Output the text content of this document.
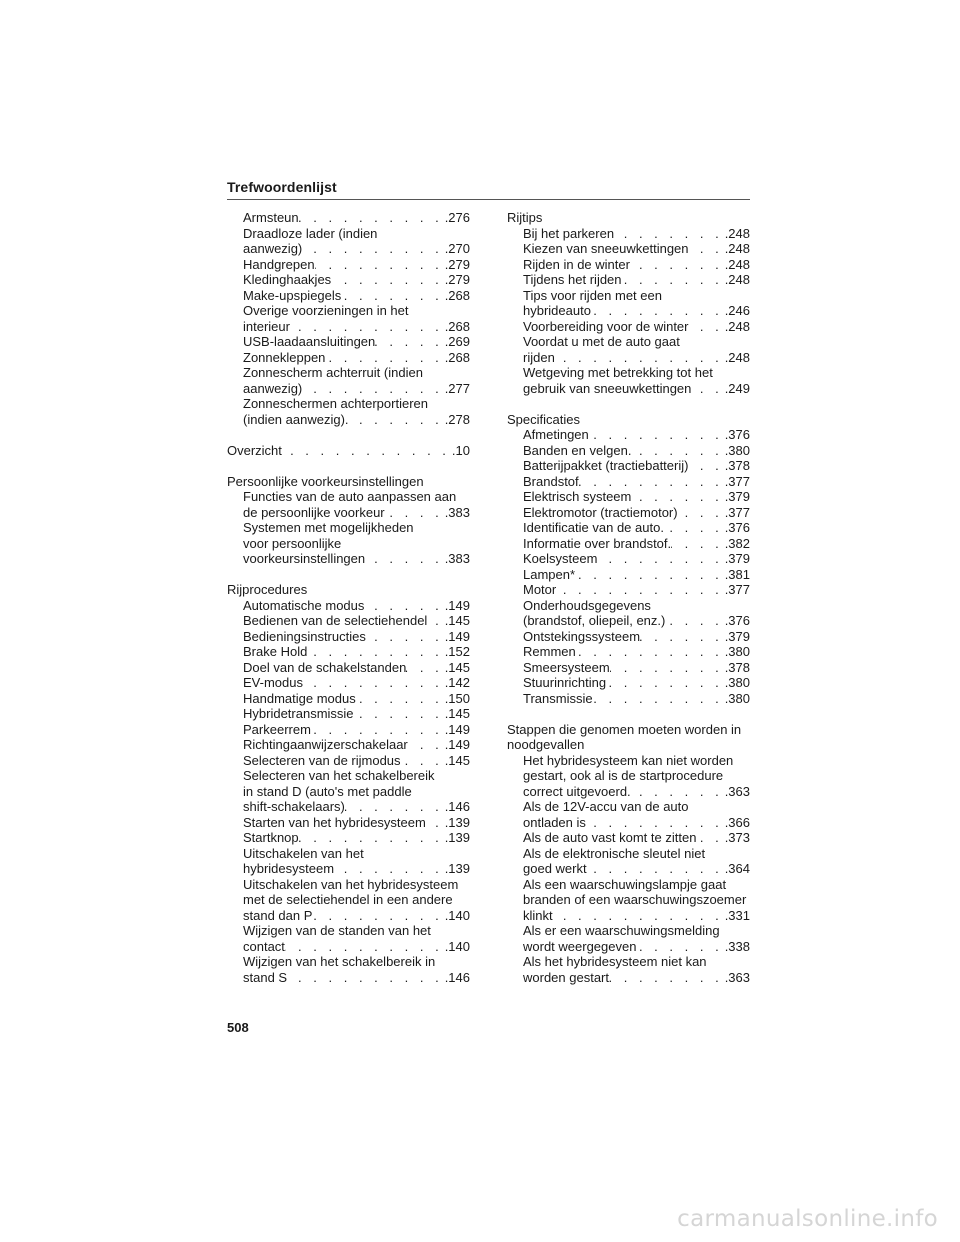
Trefwoordenlijst
Armsteun . . .	.276
Draadloze lader (indien
aanwezig) . . .	.270
Handgrepen . . .	.279
Kledinghaakjes . . .	.279
Make-upspiegels . . .	.268
Overige voorzieningen in het
interieur . . .	.268
USB-laadaansluitingen . . .	.269
Zonnekleppen . . .	.268
Zonnescherm achterruit (indien
aanwezig) . . .	.277
Zonneschermen achterportieren
(indien aanwezig). . . .	.278
Overzicht . . .	.10
Persoonlijke voorkeursinstellingen
Functies van de auto aanpassen aan
de persoonlijke voorkeur . . .	.383
Systemen met mogelijkheden
voor persoonlijke
voorkeursinstellingen . . .	.383
Rijprocedures
Automatische modus . . .	.149
Bedienen van de selectiehendel . . . .145
Bedieningsinstructies . . .	.149
Brake Hold . . .	.152
Doel van de schakelstanden . . .	.145
EV-modus . . .	.142
Handmatige modus . . .	.150
Hybridetransmissie . . .	.145
Parkeerrem . . .	.149
Richtingaanwijzerschakelaar . . .	.149
Selecteren van de rijmodus . . .	.145
Selecteren van het schakelbereik
in stand D (auto's met paddle
shift-schakelaars) . . .	.146
Starten van het hybridesysteem . . . .139
Startknop . . .	.139
Uitschakelen van het
hybridesysteem . . .	.139
Uitschakelen van het hybridesysteem
met de selectiehendel in een andere
stand dan P . . .	.140
Wijzigen van de standen van het
contact . . .	.140
Wijzigen van het schakelbereik in
stand S . . .	.146
Rijtips
Bij het parkeren . . .	.248
Kiezen van sneeuwkettingen . . .	.248
Rijden in de winter . . .	.248
Tijdens het rijden . . .	.248
Tips voor rijden met een
hybrideauto . . .	.246
Voorbereiding voor de winter . . .	.248
Voordat u met de auto gaat
rijden . . .	.248
Wetgeving met betrekking tot het
gebruik van sneeuwkettingen . . .	.249
Specificaties
Afmetingen . . .	.376
Banden en velgen. . . .	.380
Batterijpakket (tractiebatterij) . . .	.378
Brandstof . . .	.377
Elektrisch systeem . . .	.379
Elektromotor (tractiemotor) . . .	.377
Identificatie van de auto. . . .	.376
Informatie over brandstof. . . .	.382
Koelsysteem . . .	.379
Lampen* . . .	.381
Motor . . .	.377
Onderhoudsgegevens
(brandstof, oliepeil, enz.) . . .	.376
Ontstekingssysteem . . .	.379
Remmen . . .	.380
Smeersysteem . . .	.378
Stuurinrichting . . .	.380
Transmissie . . .	.380
Stappen die genomen moeten worden in
noodgevallen
Het hybridesysteem kan niet worden
gestart, ook al is de startprocedure
correct uitgevoerd. . . .	.363
Als de 12V-accu van de auto
ontladen is . . .	.366
Als de auto vast komt te zitten . . . .373
Als de elektronische sleutel niet
goed werkt . . .	.364
Als een waarschuwingslampje gaat
branden of een waarschuwingszoemer
klinkt . . .	.331
Als er een waarschuwingsmelding
wordt weergegeven . . .	.338
Als het hybridesysteem niet kan
worden gestart . . .	.363
508
carmanualsonline.info
